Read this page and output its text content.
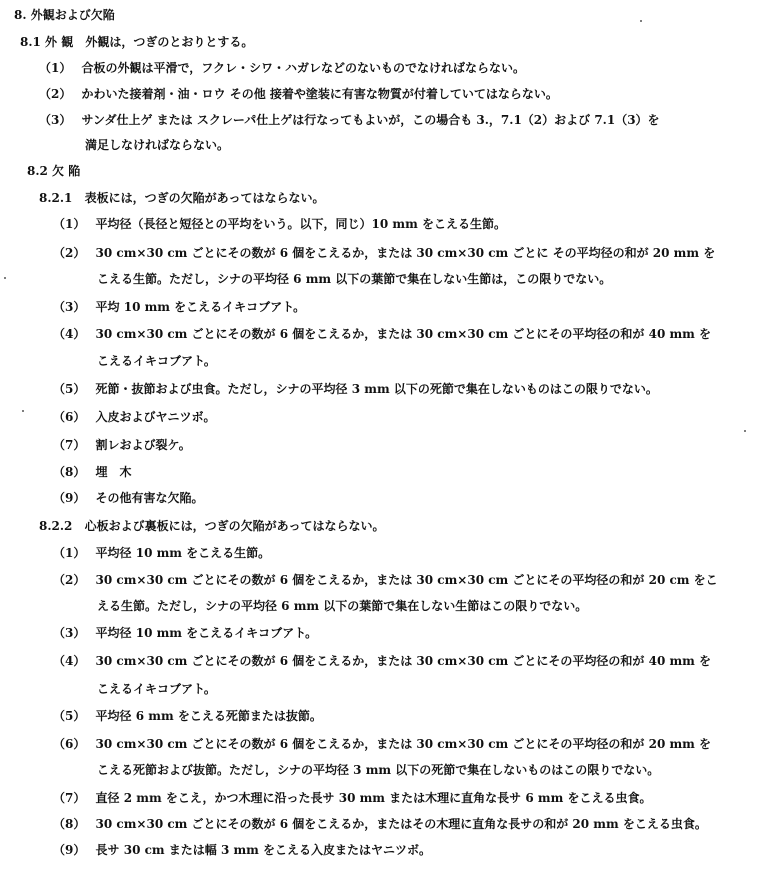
8. 外観および欠陥
8.1 外 観 外観は，つぎのとおりとする。
（1） 合板の外観は平滑で，フクレ・シワ・ハガレなどのないものでなければならない。
（2） かわいた接着剤・油・ロウ その他 接着や塗装に有害な物質が付着していてはならない。
（3） サンダ仕上ゲ または スクレーパ仕上ゲは行なってもよいが，この場合も 3.，7.1（2）および 7.1（3）を
満足しなければならない。
8.2 欠 陥
8.2.1 表板には，つぎの欠陥があってはならない。
（1） 平均径（長径と短径との平均をいう。以下，同じ）10 mm をこえる生節。
（2） 30 cm×30 cm ごとにその数が 6 個をこえるか，または 30 cm×30 cm ごとに その平均径の和が 20 mm を
こえる生節。ただし，シナの平均径 6 mm 以下の葉節で集在しない生節は，この限りでない。
（3） 平均 10 mm をこえるイキコブアト。
（4） 30 cm×30 cm ごとにその数が 6 個をこえるか，または 30 cm×30 cm ごとにその平均径の和が 40 mm を
こえるイキコブアト。
（5） 死節・抜節および虫食。ただし，シナの平均径 3 mm 以下の死節で集在しないものはこの限りでない。
（6） 入皮およびヤニツボ。
（7） 割レおよび裂ケ。
（8） 埋　木
（9） その他有害な欠陥。
8.2.2 心板および裏板には，つぎの欠陥があってはならない。
（1） 平均径 10 mm をこえる生節。
（2） 30 cm×30 cm ごとにその数が 6 個をこえるか，または 30 cm×30 cm ごとにその平均径の和が 20 cm をこ
える生節。ただし，シナの平均径 6 mm 以下の葉節で集在しない生節はこの限りでない。
（3） 平均径 10 mm をこえるイキコブアト。
（4） 30 cm×30 cm ごとにその数が 6 個をこえるか，または 30 cm×30 cm ごとにその平均径の和が 40 mm を
こえるイキコブアト。
（5） 平均径 6 mm をこえる死節または抜節。
（6） 30 cm×30 cm ごとにその数が 6 個をこえるか，または 30 cm×30 cm ごとにその平均径の和が 20 mm を
こえる死節および抜節。ただし，シナの平均径 3 mm 以下の死節で集在しないものはこの限りでない。
（7） 直径 2 mm をこえ，かつ木理に沿った長サ 30 mm または木理に直角な長サ 6 mm をこえる虫食。
（8） 30 cm×30 cm ごとにその数が 6 個をこえるか，またはその木理に直角な長サの和が 20 mm をこえる虫食。
（9） 長サ 30 cm または幅 3 mm をこえる入皮またはヤニツボ。
